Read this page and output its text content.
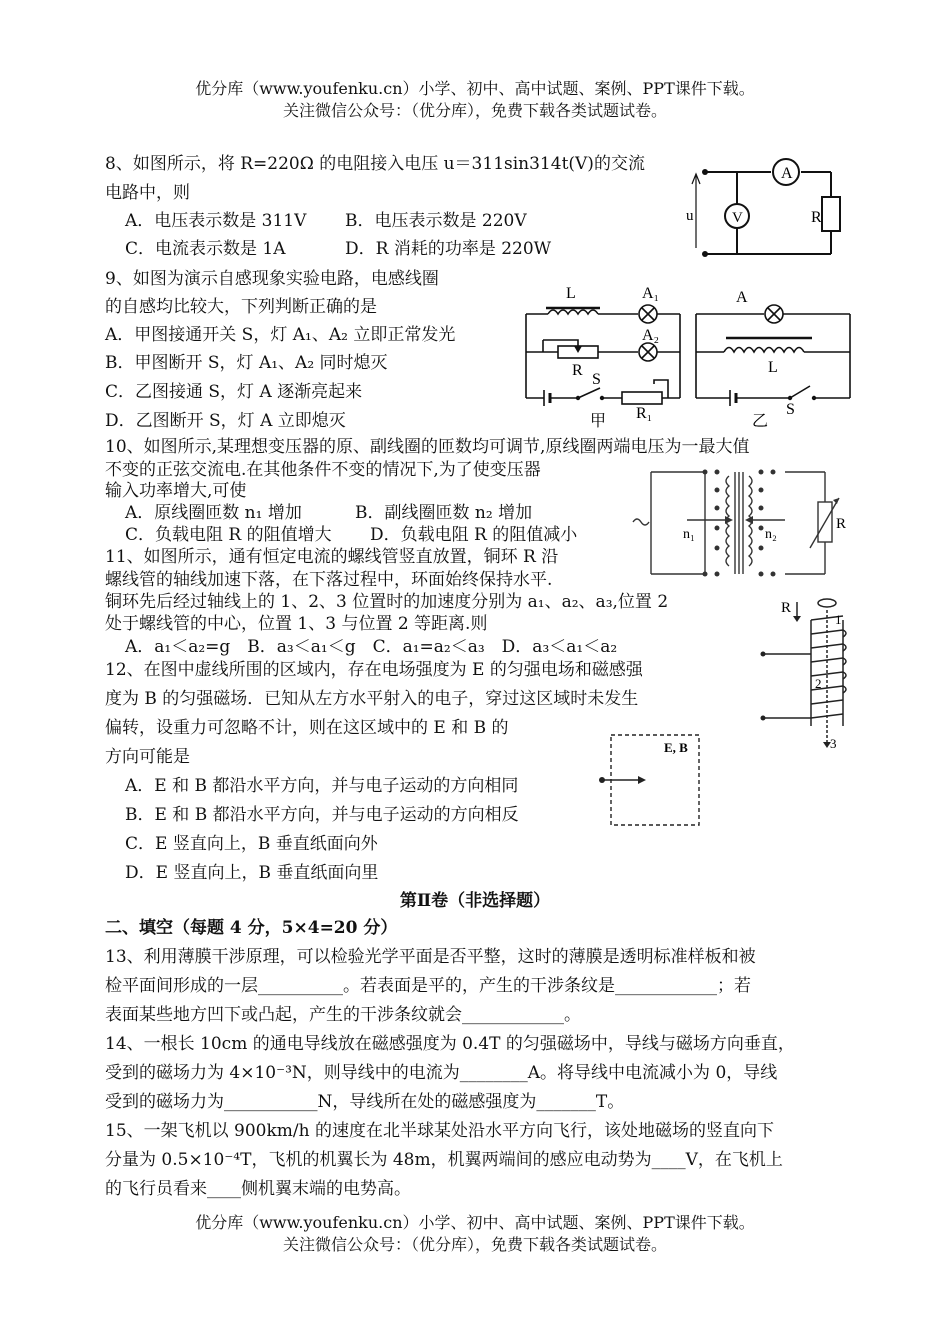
优分库（www.youfenku.cn）小学、初中、高中试题、案例、PPT课件下载。
关注微信公众号：（优分库），免费下载各类试题试卷。
8、如图所示，将 R=220Ω 的电阻接入电压 u＝311sin314t(V)的交流
电路中，则
A．电压表示数是 311V B．电压表示数是 220V
C．电流表示数是 1A	D．R 消耗的功率是 220W
A
V	R
u
9、如图为演示自感现象实验电路，电感线圈
的自感均比较大，下列判断正确的是
A．甲图接通开关 S，灯 A₁、A₂ 立即正常发光
B．甲图断开 S，灯 A₁、A₂ 同时熄灭
C．乙图接通 S，灯 A 逐渐亮起来
D．乙图断开 S，灯 A 立即熄灭
L	A₁
A₂
R
S
R₁
甲
A
L
S
乙
10、如图所示,某理想变压器的原、副线圈的匝数均可调节,原线圈两端电压为一最大值
不变的正弦交流电.在其他条件不变的情况下,为了使变压器
输入功率增大,可使
A．原线圈匝数 n₁ 增加	B．副线圈匝数 n₂ 增加
C．负载电阻 R 的阻值增大 D．负载电阻 R 的阻值减小	n₁	n₂
R
11、如图所示，通有恒定电流的螺线管竖直放置，铜环 R 沿
螺线管的轴线加速下落，在下落过程中，环面始终保持水平.
铜环先后经过轴线上的 1、2、3 位置时的加速度分别为 a₁、a₂、a₃,位置 2
处于螺线管的中心，位置 1、3 与位置 2 等距离.则
A．a₁＜a₂=g　B．a₃＜a₁＜g　C．a₁=a₂＜a₃　D．a₃＜a₁＜a₂
R
1
2
3
12、在图中虚线所围的区域内，存在电场强度为 E 的匀强电场和磁感强
度为 B 的匀强磁场．已知从左方水平射入的电子，穿过这区域时未发生
偏转，设重力可忽略不计，则在这区域中的 E 和 B 的
方向可能是
A．E 和 B 都沿水平方向，并与电子运动的方向相同
B．E 和 B 都沿水平方向，并与电子运动的方向相反
C．E 竖直向上，B 垂直纸面向外
D．E 竖直向上，B 垂直纸面向里
E, B
第Ⅱ卷（非选择题）
二、填空（每题 4 分，5×4=20 分）
13、利用薄膜干涉原理，可以检验光学平面是否平整，这时的薄膜是透明标准样板和被
检平面间形成的一层__________。若表面是平的，产生的干涉条纹是____________；若
表面某些地方凹下或凸起，产生的干涉条纹就会____________。
14、一根长 10cm 的通电导线放在磁感强度为 0.4T 的匀强磁场中，导线与磁场方向垂直，
受到的磁场力为 4×10⁻³N，则导线中的电流为________A。将导线中电流减小为 0，导线
受到的磁场力为___________N，导线所在处的磁感强度为_______T。
15、一架飞机以 900km/h 的速度在北半球某处沿水平方向飞行，该处地磁场的竖直向下
分量为 0.5×10⁻⁴T，飞机的机翼长为 48m，机翼两端间的感应电动势为____V，在飞机上
的飞行员看来____侧机翼末端的电势高。
优分库（www.youfenku.cn）小学、初中、高中试题、案例、PPT课件下载。
关注微信公众号：（优分库），免费下载各类试题试卷。
